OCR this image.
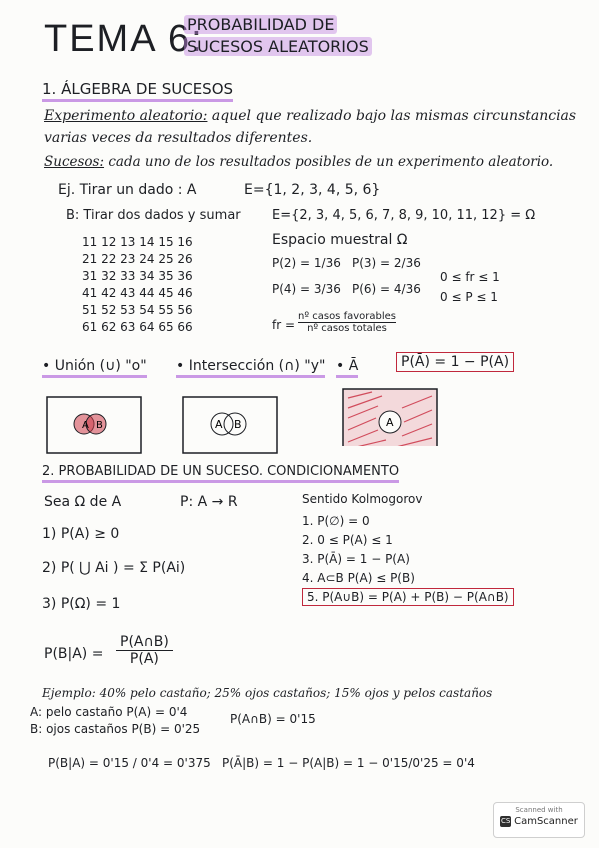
TEMA 6:
PROBABILIDAD DE
SUCESOS ALEATORIOS
1. ÁLGEBRA DE SUCESOS
Experimento aleatorio: aquel que realizado bajo las mismas circunstancias
varias veces da resultados diferentes.
Sucesos: cada uno de los resultados posibles de un experimento aleatorio.
Ej. Tirar un dado : A	E={1, 2, 3, 4, 5, 6}
B: Tirar dos dados y sumar E={2, 3, 4, 5, 6, 7, 8, 9, 10, 11, 12} = Ω
11 12 13 14 15 16
21 22 23 24 25 26
31 32 33 34 35 36
41 42 43 44 45 46
51 52 53 54 55 56
61 62 63 64 65 66
Espacio muestral Ω
P(2) = 1/36 P(3) = 2/36
P(4) = 3/36 P(6) = 4/36
0 ≤ fr ≤ 1
0 ≤ P ≤ 1
fr =
nº casos favorables
nº casos totales
• Unión (∪) "o" • Intersección (∩) "y" • Ā	P(Ā) = 1 − P(A)
A B	A B	A
2. PROBABILIDAD DE UN SUCESO. CONDICIONAMENTO
Sea Ω de A	P: A → R
1) P(A) ≥ 0
2) P( ⋃ Ai ) = Σ P(Ai)
3) P(Ω) = 1
Sentido Kolmogorov
1. P(∅) = 0
2. 0 ≤ P(A) ≤ 1
3. P(Ā) = 1 − P(A)
4. A⊂B P(A) ≤ P(B)
5. P(A∪B) = P(A) + P(B) − P(A∩B)
P(B|A) =
P(A∩B)
P(A)
Ejemplo: 40% pelo castaño; 25% ojos castaños; 15% ojos y pelos castaños
A: pelo castaño P(A) = 0'4
B: ojos castaños P(B) = 0'25
P(A∩B) = 0'15
P(B|A) = 0'15 / 0'4 = 0'375 P(Ā|B) = 1 − P(A|B) = 1 − 0'15/0'25 = 0'4
Scanned with
CS CamScanner
